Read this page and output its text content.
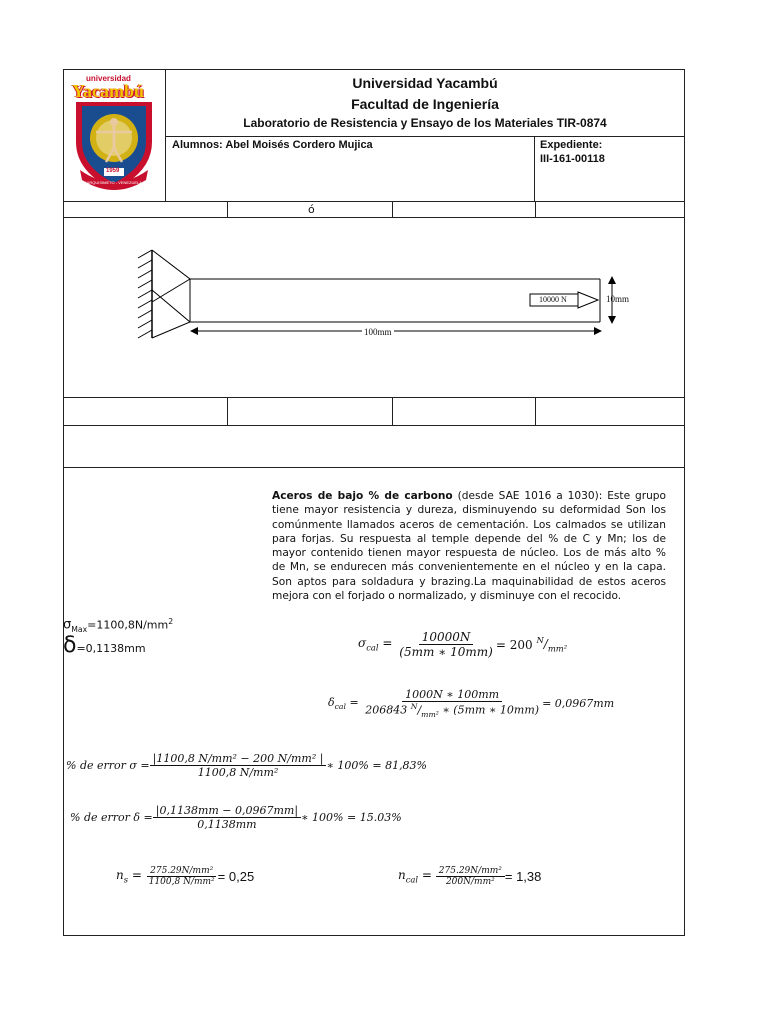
universidad
Yacambú
1959
BARQUISIMETO - VENEZUELA
Universidad Yacambú
Facultad de Ingeniería
Laboratorio de Resistencia y Ensayo de los Materiales TIR-0874
Alumnos: Abel Moisés Cordero Mujica	Expediente:
III-161-00118
ó
10000 N	10mm
100mm
Aceros de bajo % de carbono (desde SAE 1016 a 1030): Este grupo tiene mayor resistencia y dureza, disminuyendo su deformidad Son los comúnmente llamados aceros de cementación. Los calmados se utilizan para forjas. Su respuesta al temple depende del % de C y Mn; los de mayor contenido tienen mayor respuesta de núcleo. Los de más alto % de Mn, se endurecen más convenientemente en el núcleo y en la capa. Son aptos para soldadura y brazing.La maquinabilidad de estos aceros mejora con el forjado o normalizado, y disminuye con el recocido.
$\sigma_{Max}=1100,8N/mm^2$
δ=0,1138mm	$\sigma_{cal} = \frac{10000N}{(5mm ∗ 10mm)} = 200$ $^N/_{mm^2}$
$\delta_{cal} = \frac{1000N ∗ 100mm}{206843 ^N/_{mm^2} ∗ (5mm ∗ 10mm)} = 0,0967mm$
% de error $\sigma = \frac{\text{|1100,8 N/mm² − 200 N/mm² |}}{\text{1100,8 N/mm²}}$ ∗ 100% = 81,83%
% de error $\delta = \frac{|0,1138mm - 0,0967mm|}{0,1138mm}$ ∗ 100% = 15.03%
$n_s = \frac{\text{275.29N/mm²}}{\text{1100,8 N/mm²}} = 0,25$	$n_{cal} = \frac{\text{275.29N/mm²}}{\text{200N/mm²}} = 1,38$
